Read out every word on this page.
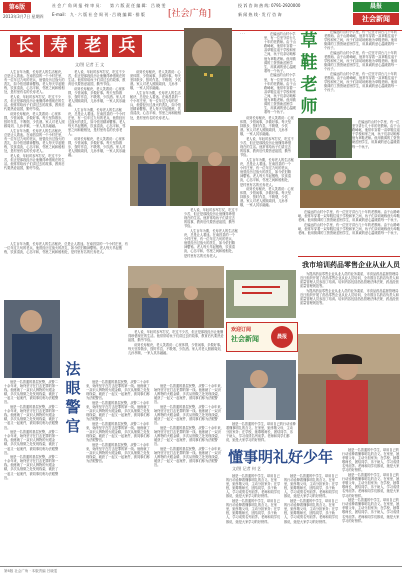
第6版
2013年3月7日 星期四
社 会 广 角 周 报 ·终 审 员： 第 六 版 责 任 编 辑： 吕 晓 雯
E-mail: 九 · 六 版 社 会 周 刊 · 吕 晓 编 辑 · 排 版	[社会广角]
投 诉 咨 询 热 线: 0791-2920000
新 闻 热 线 · 发 行 咨 询
晨报
社会新闻
长	寿	老	兵
文/图 记者 王 文

· · ·

人生百年为期，长寿老人的生活秘诀，总是让人着迷。在南昌县的一个小村庄里，有一位年过九旬的老兵，他曾经历过战火的洗礼，如今依旧精神矍铄。老人每天早起锻炼，饮食清淡，心态平和，邻里之间和睦相处，是村里有名的长寿老人。

老人说，年轻时参军打仗，吃过不少苦，但正是那段经历让他懂得珍惜现在的生活。他常常给孩子们讲过去的故事，教育后代要热爱祖国，勤劳节俭。

谈到长寿秘诀，老人笑着说：心宽体胖，少管闲事，多做好事。每天坚持散步，按时作息，不吸烟，少饮酒。家人对老人照顾周到，儿孙孝顺，一家人其乐融融。

人生百年为期，长寿老人的生活秘诀，总是让人着迷。在南昌县的一个小村庄里，有一位年过九旬的老兵，他曾经历过战火的洗礼，如今依旧精神矍铄。老人每天早起锻炼，饮食清淡，心态平和，邻里之间和睦相处，是村里有名的长寿老人。

老人说，年轻时参军打仗，吃过不少苦，但正是那段经历让他懂得珍惜现在的生活。他常常给孩子们讲过去的故事，教育后代要热爱祖国，勤劳节俭。

老人说，年轻时参军打仗，吃过不少苦，但正是那段经历让他懂得珍惜现在的生活。他常常给孩子们讲过去的故事，教育后代要热爱祖国，勤劳节俭。

谈到长寿秘诀，老人笑着说：心宽体胖，少管闲事，多做好事。每天坚持散步，按时作息，不吸烟，少饮酒。家人对老人照顾周到，儿孙孝顺，一家人其乐融融。

人生百年为期，长寿老人的生活秘诀，总是让人着迷。在南昌县的一个小村庄里，有一位年过九旬的老兵，他曾经历过战火的洗礼，如今依旧精神矍铄。老人每天早起锻炼，饮食清淡，心态平和，邻里之间和睦相处，是村里有名的长寿老人。

谈到长寿秘诀，老人笑着说：心宽体胖，少管闲事，多做好事。每天坚持散步，按时作息，不吸烟，少饮酒。家人对老人照顾周到，儿孙孝顺，一家人其乐融融。

谈到长寿秘诀，老人笑着说：心宽体胖，少管闲事，多做好事。每天坚持散步，按时作息，不吸烟，少饮酒。家人对老人照顾周到，儿孙孝顺，一家人其乐融融。

人生百年为期，长寿老人的生活秘诀，总是让人着迷。在南昌县的一个小村庄里，有一位年过九旬的老兵，他曾经历过战火的洗礼，如今依旧精神矍铄。老人每天早起锻炼，饮食清淡，心态平和，邻里之间和睦相处，是村里有名的长寿老人。

人生百年为期，长寿老人的生活秘诀，总是让人着迷。在南昌县的一个小村庄里，有一位年过九旬的老兵，他曾经历过战火的洗礼，如今依旧精神矍铄。老人每天早起锻炼，饮食清淡，心态平和，邻里之间和睦相处，是村里有名的长寿老人。

谈到长寿秘诀，老人笑着说：心宽体胖，少管闲事，多做好事。每天坚持散步，按时作息，不吸烟，少饮酒。家人对老人照顾周到，儿孙孝顺，一家人其乐融融。

老人说，年轻时参军打仗，吃过不少苦，但正是那段经历让他懂得珍惜现在的生活。他常常给孩子们讲过去的故事，教育后代要热爱祖国，勤劳节俭。

人生百年为期，长寿老人的生活秘诀，总是让人着迷。在南昌县的一个小村庄里，有一位年过九旬的老兵，他曾经历过战火的洗礼，如今依旧精神矍铄。老人每天早起锻炼，饮食清淡，心态平和，邻里之间和睦相处，是村里有名的长寿老人。

谈到长寿秘诀，老人笑着说：心宽体胖，少管闲事，多做好事。每天坚持散步，按时作息，不吸烟，少饮酒。家人对老人照顾周到，儿孙孝顺，一家人其乐融融。

老人说，年轻时参军打仗，吃过不少苦，但正是那段经历让他懂得珍惜现在的生活。他常常给孩子们讲过去的故事，教育后代要热爱祖国，勤劳节俭。

人生百年为期，长寿老人的生活秘诀，总是让人着迷。在南昌县的一个小村庄里，有一位年过九旬的老兵，他曾经历过战火的洗礼，如今依旧精神矍铄。老人每天早起锻炼，饮食清淡，心态平和，邻里之间和睦相处，是村里有名的长寿老人。

草
鞋
老
师

在偏远的山村小学里，有一位坚守讲台几十年的老教师。由于山路崎岖，他常年穿着一双草鞋往返于学校和家之间，孩子们亲切地称他为草鞋老师。他用微薄的工资资助贫困学生，用真诚的爱心温暖着每一个孩子。

在偏远的山村小学里，有一位坚守讲台几十年的老教师。由于山路崎岖，他常年穿着一双草鞋往返于学校和家之间，孩子们亲切地称他为草鞋老师。他用微薄的工资资助贫困学生，用真诚的爱心温暖着每一个孩子。

在偏远的山村小学里，有一位坚守讲台几十年的老教师。由于山路崎岖，他常年穿着一双草鞋往返于学校和家之间，孩子们亲切地称他为草鞋老师。他用微薄的工资资助贫困学生，用真诚的爱心温暖着每一个孩子。

在偏远的山村小学里，有一位坚守讲台几十年的老教师。由于山路崎岖，他常年穿着一双草鞋往返于学校和家之间，孩子们亲切地称他为草鞋老师。他用微薄的工资资助贫困学生，用真诚的爱心温暖着每一个孩子。

在偏远的山村小学里，有一位坚守讲台几十年的老教师。由于山路崎岖，他常年穿着一双草鞋往返于学校和家之间，孩子们亲切地称他为草鞋老师。他用微薄的工资资助贫困学生，用真诚的爱心温暖着每一个孩子。

在偏远的山村小学里，有一位坚守讲台几十年的老教师。由于山路崎岖，他常年穿着一双草鞋往返于学校和家之间，孩子们亲切地称他为草鞋老师。他用微薄的工资资助贫困学生，用真诚的爱心温暖着每一个孩子。

在偏远的山村小学里，有一位坚守讲台几十年的老教师。由于山路崎岖，他常年穿着一双草鞋往返于学校和家之间，孩子们亲切地称他为草鞋老师。他用微薄的工资资助贫困学生，用真诚的爱心温暖着每一个孩子。

在偏远的山村小学里，有一位坚守讲台几十年的老教师。由于山路崎岖，他常年穿着一双草鞋往返于学校和家之间，孩子们亲切地称他为草鞋老师。他用微薄的工资资助贫困学生，用真诚的爱心温暖着每一个孩子。

我市培训药品零售企业从业人员

为提高药品零售企业从业人员的业务素质，市食品药品监督管理局近日组织开展了药品零售企业从业人员培训，全市数百名药店负责人和质量管理人员参加了培训。培训内容包括药品管理法律法规、药品经营质量管理规范等。

为提高药品零售企业从业人员的业务素质，市食品药品监督管理局近日组织开展了药品零售企业从业人员培训，全市数百名药店负责人和质量管理人员参加了培训。培训内容包括药品管理法律法规、药品经营质量管理规范等。

欢迎订阅
社会新闻	晨报

老人说，年轻时参军打仗，吃过不少苦，但正是那段经历让他懂得珍惜现在的生活。他常常给孩子们讲过去的故事，教育后代要热爱祖国，勤劳节俭。

谈到长寿秘诀，老人笑着说：心宽体胖，少管闲事，多做好事。每天坚持散步，按时作息，不吸烟，少饮酒。家人对老人照顾周到，儿孙孝顺，一家人其乐融融。

法
眼
警
官

他是一名普通的基层民警，从警二十余年来，始终坚守在打击犯罪的第一线。他练就了一双识人辨物的火眼金睛，多次从细微之处发现线索，破获了一起又一起案件，被同事们称为法眼警官。

他是一名普通的基层民警，从警二十余年来，始终坚守在打击犯罪的第一线。他练就了一双识人辨物的火眼金睛，多次从细微之处发现线索，破获了一起又一起案件，被同事们称为法眼警官。

他是一名普通的基层民警，从警二十余年来，始终坚守在打击犯罪的第一线。他练就了一双识人辨物的火眼金睛，多次从细微之处发现线索，破获了一起又一起案件，被同事们称为法眼警官。

他是一名普通的基层民警，从警二十余年来，始终坚守在打击犯罪的第一线。他练就了一双识人辨物的火眼金睛，多次从细微之处发现线索，破获了一起又一起案件，被同事们称为法眼警官。

他是一名普通的基层民警，从警二十余年来，始终坚守在打击犯罪的第一线。他练就了一双识人辨物的火眼金睛，多次从细微之处发现线索，破获了一起又一起案件，被同事们称为法眼警官。

他是一名普通的基层民警，从警二十余年来，始终坚守在打击犯罪的第一线。他练就了一双识人辨物的火眼金睛，多次从细微之处发现线索，破获了一起又一起案件，被同事们称为法眼警官。

他是一名普通的基层民警，从警二十余年来，始终坚守在打击犯罪的第一线。他练就了一双识人辨物的火眼金睛，多次从细微之处发现线索，破获了一起又一起案件，被同事们称为法眼警官。

他是一名普通的基层民警，从警二十余年来，始终坚守在打击犯罪的第一线。他练就了一双识人辨物的火眼金睛，多次从细微之处发现线索，破获了一起又一起案件，被同事们称为法眼警官。

他是一名普通的基层民警，从警二十余年来，始终坚守在打击犯罪的第一线。他练就了一双识人辨物的火眼金睛，多次从细微之处发现线索，破获了一起又一起案件，被同事们称为法眼警官。

他是一名普通的基层民警，从警二十余年来，始终坚守在打击犯罪的第一线。他练就了一双识人辨物的火眼金睛，多次从细微之处发现线索，破获了一起又一起案件，被同事们称为法眼警官。

他是一名普通的基层民警，从警二十余年来，始终坚守在打击犯罪的第一线。他练就了一双识人辨物的火眼金睛，多次从细微之处发现线索，破获了一起又一起案件，被同事们称为法眼警官。

他是一名普通的基层民警，从警二十余年来，始终坚守在打击犯罪的第一线。他练就了一双识人辨物的火眼金睛，多次从细微之处发现线索，破获了一起又一起案件，被同事们称为法眼警官。	懂事明礼好少年
文/图 记者 何 艺

她是一名普通的中学生，却用自己的行动诠释着懂事明礼的含义。在家里，她孝敬父母，主动分担家务；在学校，她尊敬师长，团结同学，乐于助人，学习成绩名列前茅。老师和同学们都说，她是大家学习的好榜样。

她是一名普通的中学生，却用自己的行动诠释着懂事明礼的含义。在家里，她孝敬父母，主动分担家务；在学校，她尊敬师长，团结同学，乐于助人，学习成绩名列前茅。老师和同学们都说，她是大家学习的好榜样。

她是一名普通的中学生，却用自己的行动诠释着懂事明礼的含义。在家里，她孝敬父母，主动分担家务；在学校，她尊敬师长，团结同学，乐于助人，学习成绩名列前茅。老师和同学们都说，她是大家学习的好榜样。

她是一名普通的中学生，却用自己的行动诠释着懂事明礼的含义。在家里，她孝敬父母，主动分担家务；在学校，她尊敬师长，团结同学，乐于助人，学习成绩名列前茅。老师和同学们都说，她是大家学习的好榜样。

她是一名普通的中学生，却用自己的行动诠释着懂事明礼的含义。在家里，她孝敬父母，主动分担家务；在学校，她尊敬师长，团结同学，乐于助人，学习成绩名列前茅。老师和同学们都说，她是大家学习的好榜样。

她是一名普通的中学生，却用自己的行动诠释着懂事明礼的含义。在家里，她孝敬父母，主动分担家务；在学校，她尊敬师长，团结同学，乐于助人，学习成绩名列前茅。老师和同学们都说，她是大家学习的好榜样。

她是一名普通的中学生，却用自己的行动诠释着懂事明礼的含义。在家里，她孝敬父母，主动分担家务；在学校，她尊敬师长，团结同学，乐于助人，学习成绩名列前茅。老师和同学们都说，她是大家学习的好榜样。

她是一名普通的中学生，却用自己的行动诠释着懂事明礼的含义。在家里，她孝敬父母，主动分担家务；在学校，她尊敬师长，团结同学，乐于助人，学习成绩名列前茅。老师和同学们都说，她是大家学习的好榜样。

第6版 社会广角 · 本版责编 吕晓雯
